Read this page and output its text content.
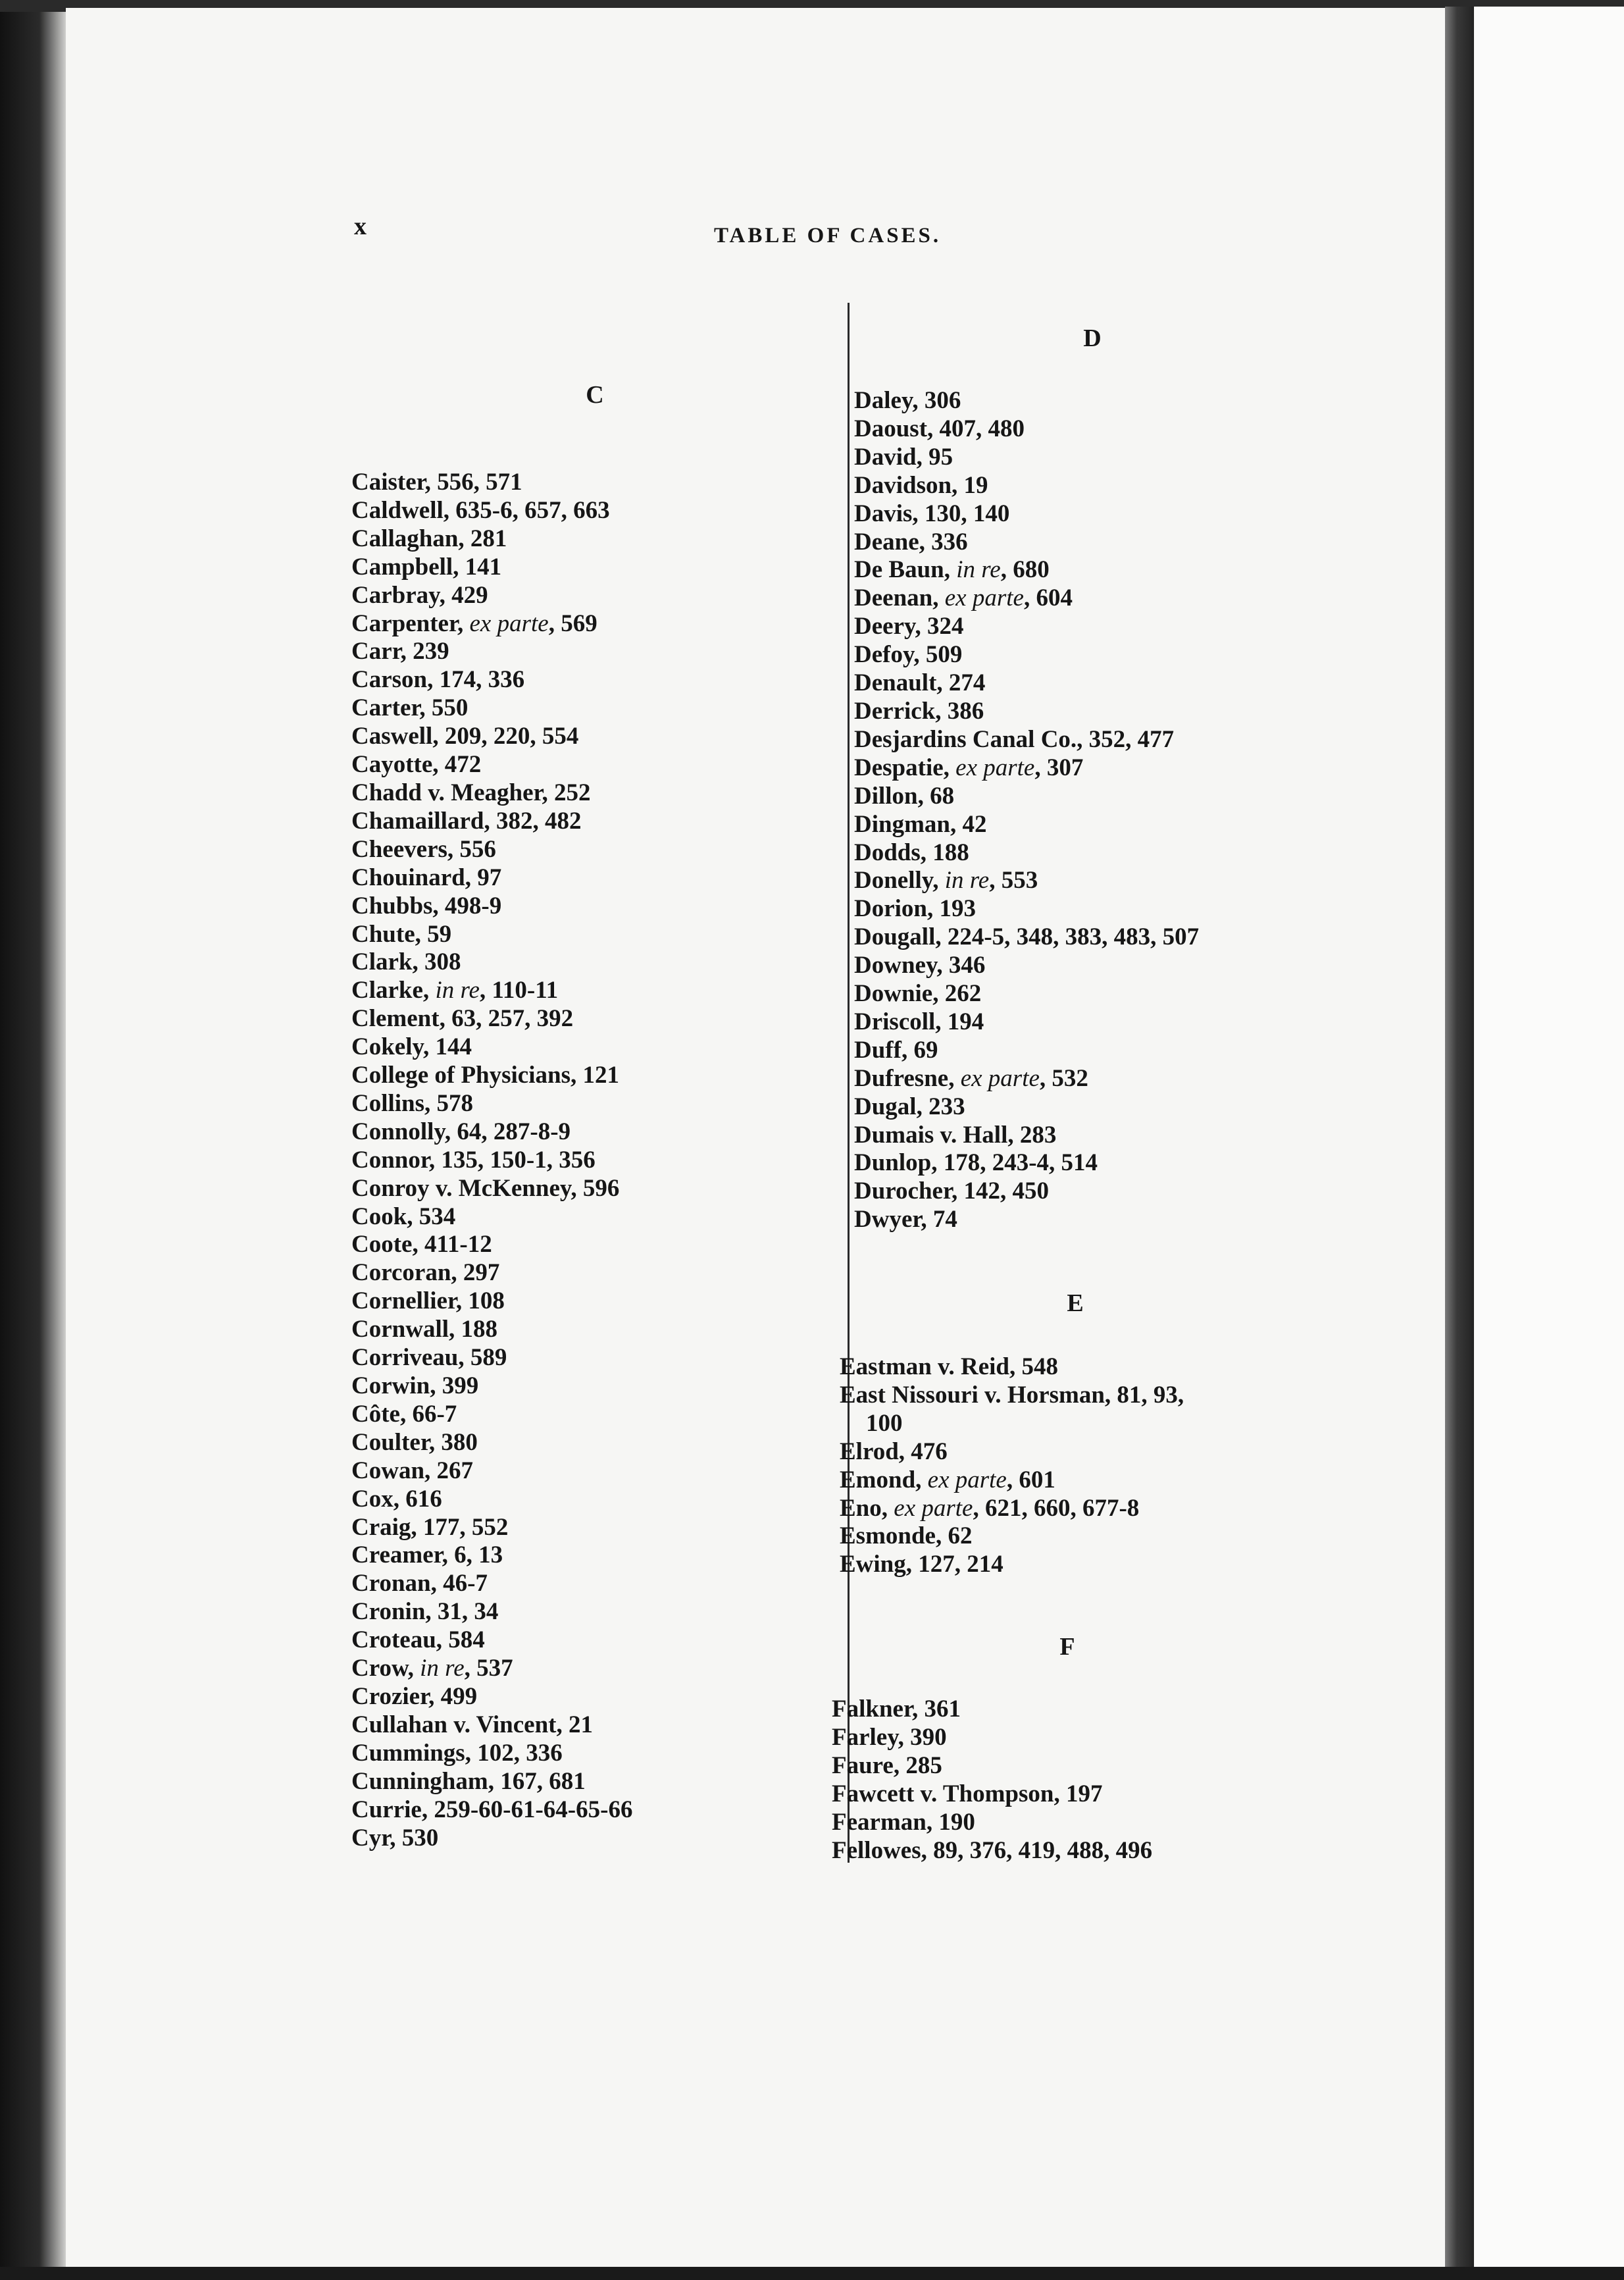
x	TABLE OF CASES.
C
Caister, 556, 571
Caldwell, 635-6, 657, 663
Callaghan, 281
Campbell, 141
Carbray, 429
Carpenter, ex parte, 569
Carr, 239
Carson, 174, 336
Carter, 550
Caswell, 209, 220, 554
Cayotte, 472
Chadd v. Meagher, 252
Chamaillard, 382, 482
Cheevers, 556
Chouinard, 97
Chubbs, 498-9
Chute, 59
Clark, 308
Clarke, in re, 110-11
Clement, 63, 257, 392
Cokely, 144
College of Physicians, 121
Collins, 578
Connolly, 64, 287-8-9
Connor, 135, 150-1, 356
Conroy v. McKenney, 596
Cook, 534
Coote, 411-12
Corcoran, 297
Cornellier, 108
Cornwall, 188
Corriveau, 589
Corwin, 399
Côte, 66-7
Coulter, 380
Cowan, 267
Cox, 616
Craig, 177, 552
Creamer, 6, 13
Cronan, 46-7
Cronin, 31, 34
Croteau, 584
Crow, in re, 537
Crozier, 499
Cullahan v. Vincent, 21
Cummings, 102, 336
Cunningham, 167, 681
Currie, 259-60-61-64-65-66
Cyr, 530
D
Daley, 306
Daoust, 407, 480
David, 95
Davidson, 19
Davis, 130, 140
Deane, 336
De Baun, in re, 680
Deenan, ex parte, 604
Deery, 324
Defoy, 509
Denault, 274
Derrick, 386
Desjardins Canal Co., 352, 477
Despatie, ex parte, 307
Dillon, 68
Dingman, 42
Dodds, 188
Donelly, in re, 553
Dorion, 193
Dougall, 224-5, 348, 383, 483, 507
Downey, 346
Downie, 262
Driscoll, 194
Duff, 69
Dufresne, ex parte, 532
Dugal, 233
Dumais v. Hall, 283
Dunlop, 178, 243-4, 514
Durocher, 142, 450
Dwyer, 74
E
Eastman v. Reid, 548
East Nissouri v. Horsman, 81, 93,
100
Elrod, 476
Emond, ex parte, 601
Eno, ex parte, 621, 660, 677-8
Esmonde, 62
Ewing, 127, 214
F
Falkner, 361
Farley, 390
Faure, 285
Fawcett v. Thompson, 197
Fearman, 190
Fellowes, 89, 376, 419, 488, 496
